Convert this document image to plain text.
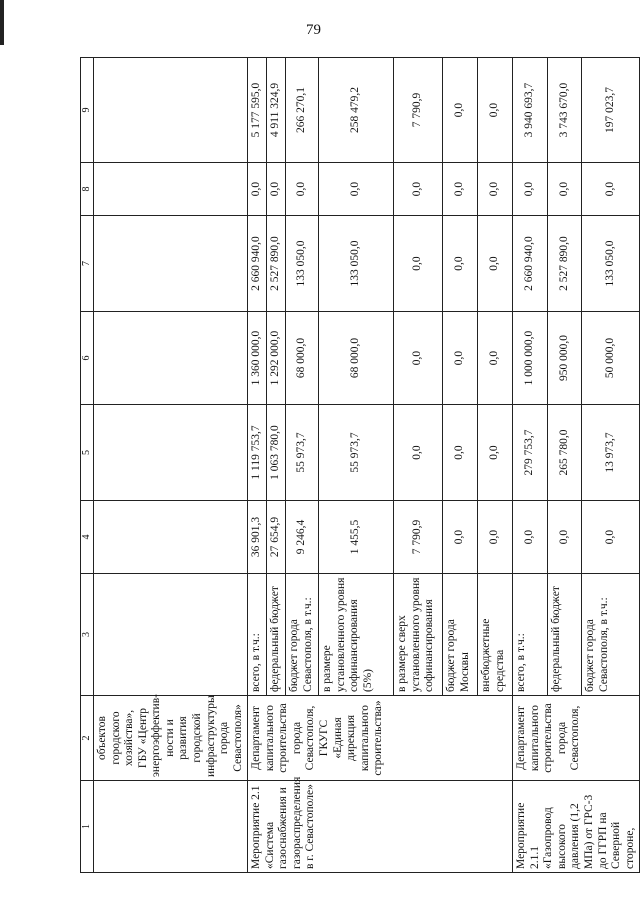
79
1	2	3	4	5	6	7	8	9
	объектов городского хозяйства», ГБУ «Центр энергоэффектив-ности и развития городской инфраструктуры города Севастополя»							
Мероприятие 2.1 «Система газоснабжения и газораспределения в г. Севастополе»	Департамент капитального строительства города Севастополя, ГКУГС «Единая дирекция капитального строительства»	всего, в т.ч.:	36 901,3	1 119 753,7	1 360 000,0	2 660 940,0	0,0	5 177 595,0
		федеральный бюджет	27 654,9	1 063 780,0	1 292 000,0	2 527 890,0	0,0	4 911 324,9
		бюджет города Севастополя, в т.ч.:	9 246,4	55 973,7	68 000,0	133 050,0	0,0	266 270,1
		в размере установленного уровня софинансирования (5%)	1 455,5	55 973,7	68 000,0	133 050,0	0,0	258 479,2
		в размере сверх установленного уровня софинансирования	7 790,9	0,0	0,0	0,0	0,0	7 790,9
		бюджет города Москвы	0,0	0,0	0,0	0,0	0,0	0,0
		внебюджетные средства	0,0	0,0	0,0	0,0	0,0	0,0
Мероприятие 2.1.1 «Газопровод высокого давления (1,2 МПа) от ГРС-3 до ГГРП на Северной стороне,	Департамент капитального строительства города Севастополя,	всего, в т.ч.:	0,0	279 753,7	1 000 000,0	2 660 940,0	0,0	3 940 693,7
		федеральный бюджет	0,0	265 780,0	950 000,0	2 527 890,0	0,0	3 743 670,0
		бюджет города Севастополя, в т.ч.:	0,0	13 973,7	50 000,0	133 050,0	0,0	197 023,7
